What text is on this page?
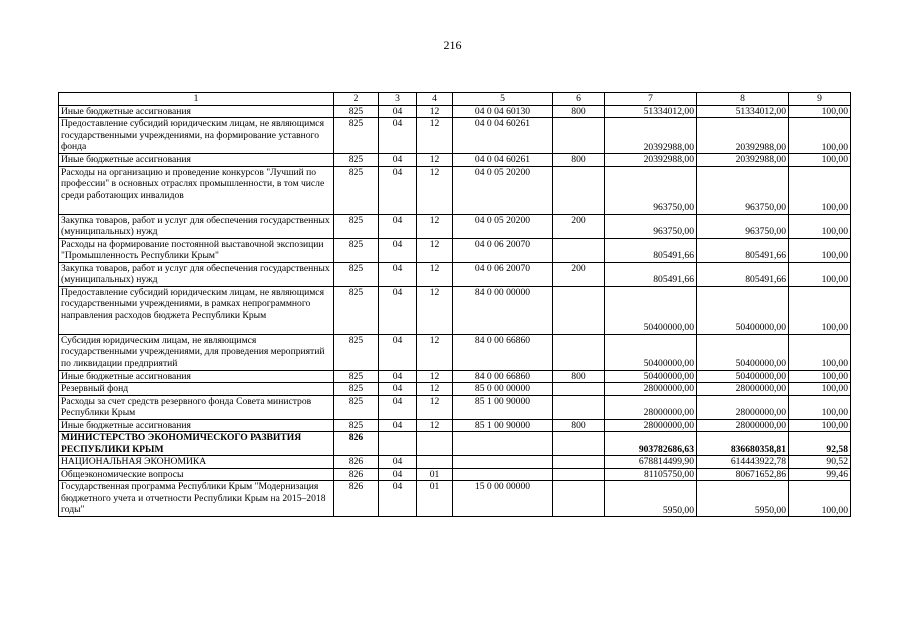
216
1	2	3	4	5	6	7	8	9
Иные бюджетные ассигнования	825	04	12	04 0 04 60130	800	51334012,00	51334012,00	100,00
Предоставление субсидий юридическим лицам, не являющимся государственными учреждениями, на формирование уставного фонда	825	04	12	04 0 04 60261		20392988,00	20392988,00	100,00
Иные бюджетные ассигнования	825	04	12	04 0 04 60261	800	20392988,00	20392988,00	100,00
Расходы на организацию и проведение конкурсов "Лучший по профессии" в основных отраслях промышленности, в том числе среди работающих инвалидов	825	04	12	04 0 05 20200		963750,00	963750,00	100,00
Закупка товаров, работ и услуг для обеспечения государственных (муниципальных) нужд	825	04	12	04 0 05 20200	200	963750,00	963750,00	100,00
Расходы на формирование постоянной выставочной экспозиции "Промышленность Республики Крым"	825	04	12	04 0 06 20070		805491,66	805491,66	100,00
Закупка товаров, работ и услуг для обеспечения государственных (муниципальных) нужд	825	04	12	04 0 06 20070	200	805491,66	805491,66	100,00
Предоставление субсидий юридическим лицам, не являющимся государственными учреждениями, в рамках непрограммного направления расходов бюджета Республики Крым	825	04	12	84 0 00 00000		50400000,00	50400000,00	100,00
Субсидия юридическим лицам, не являющимся государственными учреждениями, для проведения мероприятий по ликвидации предприятий	825	04	12	84 0 00 66860		50400000,00	50400000,00	100,00
Иные бюджетные ассигнования	825	04	12	84 0 00 66860	800	50400000,00	50400000,00	100,00
Резервный фонд	825	04	12	85 0 00 00000		28000000,00	28000000,00	100,00
Расходы за счет средств резервного фонда Совета министров Республики Крым	825	04	12	85 1 00 90000		28000000,00	28000000,00	100,00
Иные бюджетные ассигнования	825	04	12	85 1 00 90000	800	28000000,00	28000000,00	100,00
МИНИСТЕРСТВО ЭКОНОМИЧЕСКОГО РАЗВИТИЯ РЕСПУБЛИКИ КРЫМ	826					903782686,63	836680358,81	92,58
НАЦИОНАЛЬНАЯ ЭКОНОМИКА	826	04				678814499,90	614443922,78	90,52
Общеэкономические вопросы	826	04	01			81105750,00	80671652,86	99,46
Государственная программа Республики Крым "Модернизация бюджетного учета и отчетности Республики Крым на 2015–2018 годы"	826	04	01	15 0 00 00000		5950,00	5950,00	100,00
